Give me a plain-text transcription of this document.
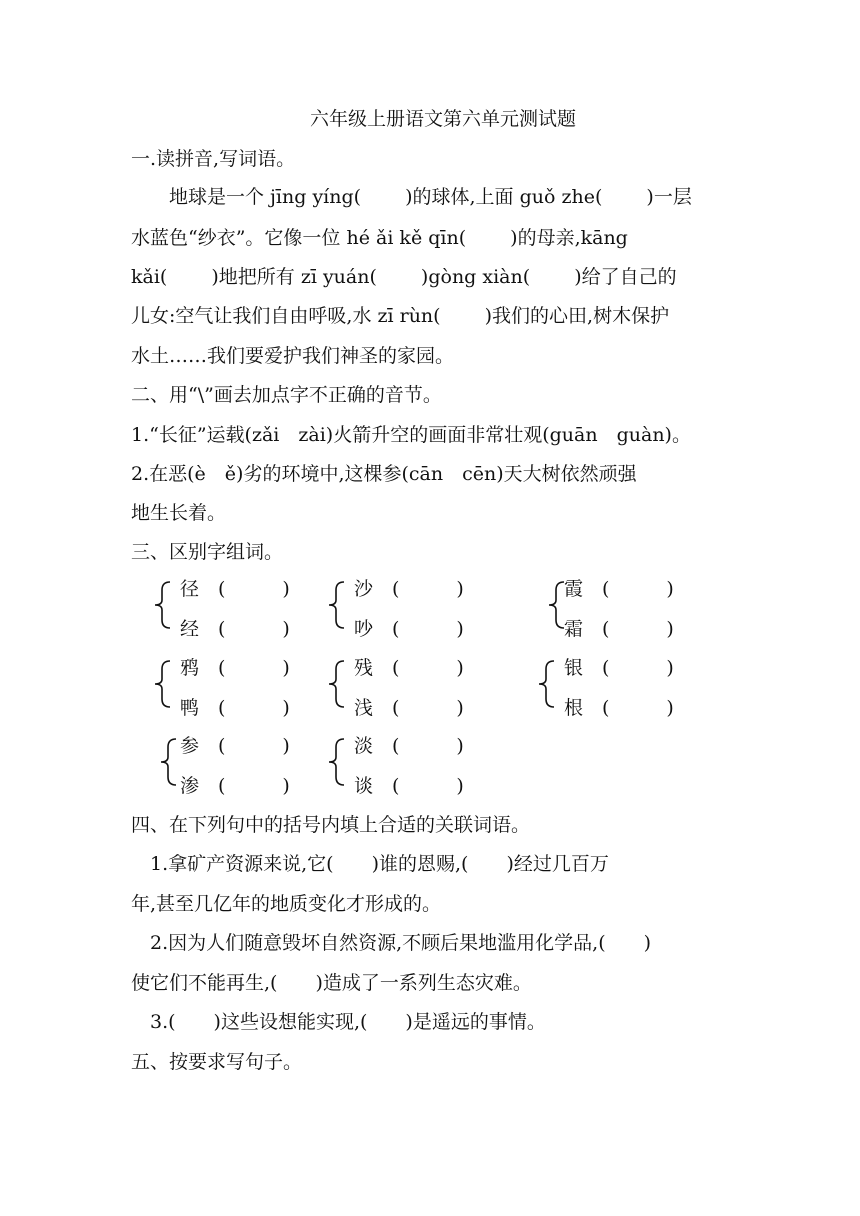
六年级上册语文第六单元测试题
一.读拼音,写词语。
　　地球是一个 jīng yíng(　　 )的球体,上面 guǒ zhe(　　 )一层
水蓝色“纱衣”。它像一位 hé ǎi kě qīn(　　 )的母亲,kāng
kǎi(　　 )地把所有 zī yuán(　　 )gòng xiàn(　　 )给了自己的
儿女:空气让我们自由呼吸,水 zī rùn(　　 )我们的心田,树木保护
水土……我们要爱护我们神圣的家园。
二、用“\”画去加点字不正确的音节。
1.“长征”运载(zǎi　zài)火箭升空的画面非常壮观(guān　guàn)。
2.在恶(è　ě)劣的环境中,这棵参(cān　cēn)天大树依然顽强
地生长着。
三、区别字组词。
径 (　　　)
经 (　　　)
沙 (　　　)
吵 (　　　)
霞 (　　　)
霜 (　　　)
鸦 (　　　)
鸭 (　　　)
残 (　　　)
浅 (　　　)
银 (　　　)
根 (　　　)
参 (　　　)
渗 (　　　)
淡 (　　　)
谈 (　　　)
四、在下列句中的括号内填上合适的关联词语。
　1.拿矿产资源来说,它(　　)谁的恩赐,(　　)经过几百万
年,甚至几亿年的地质变化才形成的。
　2.因为人们随意毁坏自然资源,不顾后果地滥用化学品,(　　)
使它们不能再生,(　　)造成了一系列生态灾难。
　3.(　　)这些设想能实现,(　　)是遥远的事情。
五、按要求写句子。
